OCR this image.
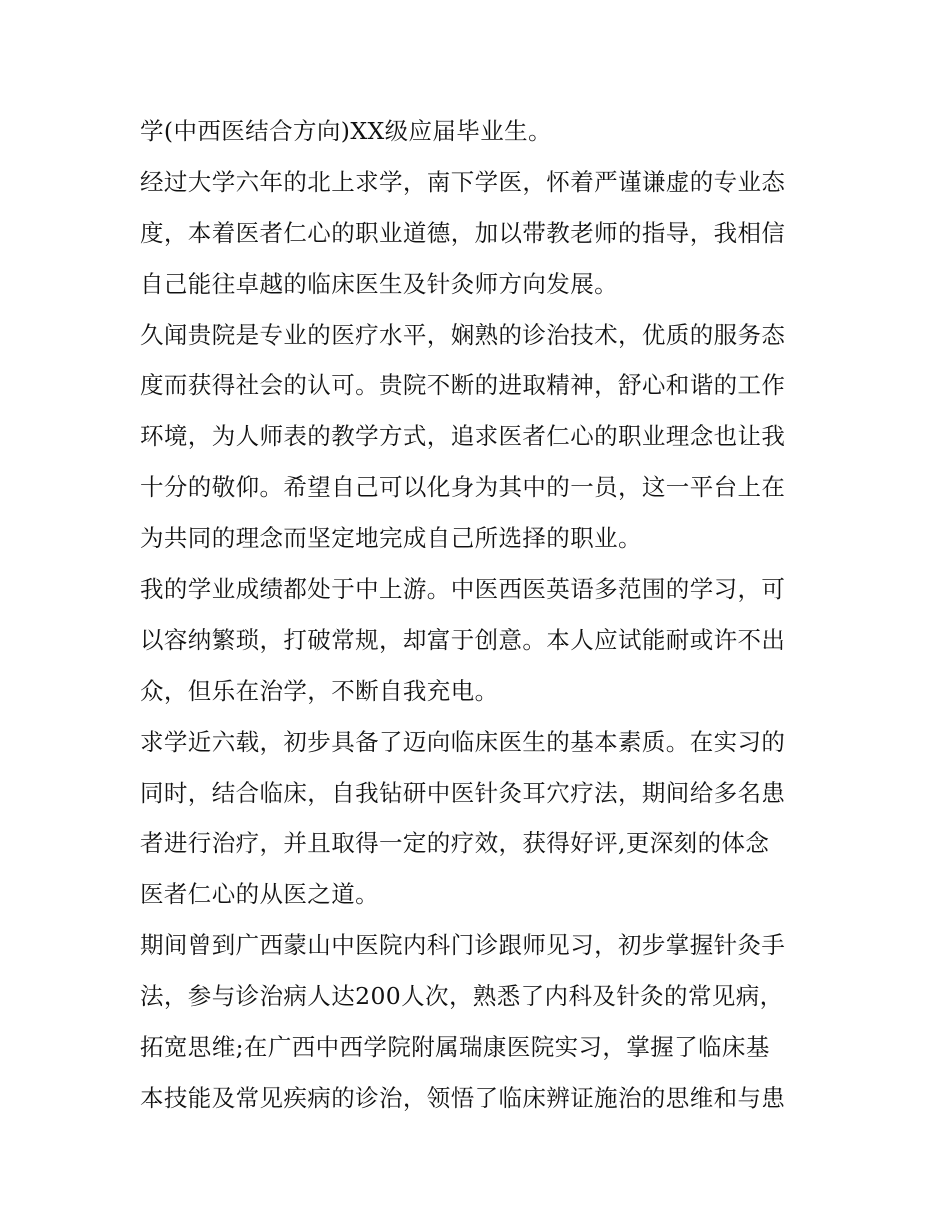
学(中西医结合方向)XX级应届毕业生。
经过大学六年的北上求学，南下学医，怀着严谨谦虚的专业态
度，本着医者仁心的职业道德，加以带教老师的指导，我相信
自己能往卓越的临床医生及针灸师方向发展。
久闻贵院是专业的医疗水平，娴熟的诊治技术，优质的服务态
度而获得社会的认可。贵院不断的进取精神，舒心和谐的工作
环境，为人师表的教学方式，追求医者仁心的职业理念也让我
十分的敬仰。希望自己可以化身为其中的一员，这一平台上在
为共同的理念而坚定地完成自己所选择的职业。
我的学业成绩都处于中上游。中医西医英语多范围的学习，可
以容纳繁琐，打破常规，却富于创意。本人应试能耐或许不出
众，但乐在治学，不断自我充电。
求学近六载，初步具备了迈向临床医生的基本素质。在实习的
同时，结合临床，自我钻研中医针灸耳穴疗法，期间给多名患
者进行治疗，并且取得一定的疗效，获得好评,更深刻的体念
医者仁心的从医之道。
期间曾到广西蒙山中医院内科门诊跟师见习，初步掌握针灸手
法，参与诊治病人达200人次，熟悉了内科及针灸的常见病，
拓宽思维;在广西中西学院附属瑞康医院实习，掌握了临床基
本技能及常见疾病的诊治，领悟了临床辨证施治的思维和与患
